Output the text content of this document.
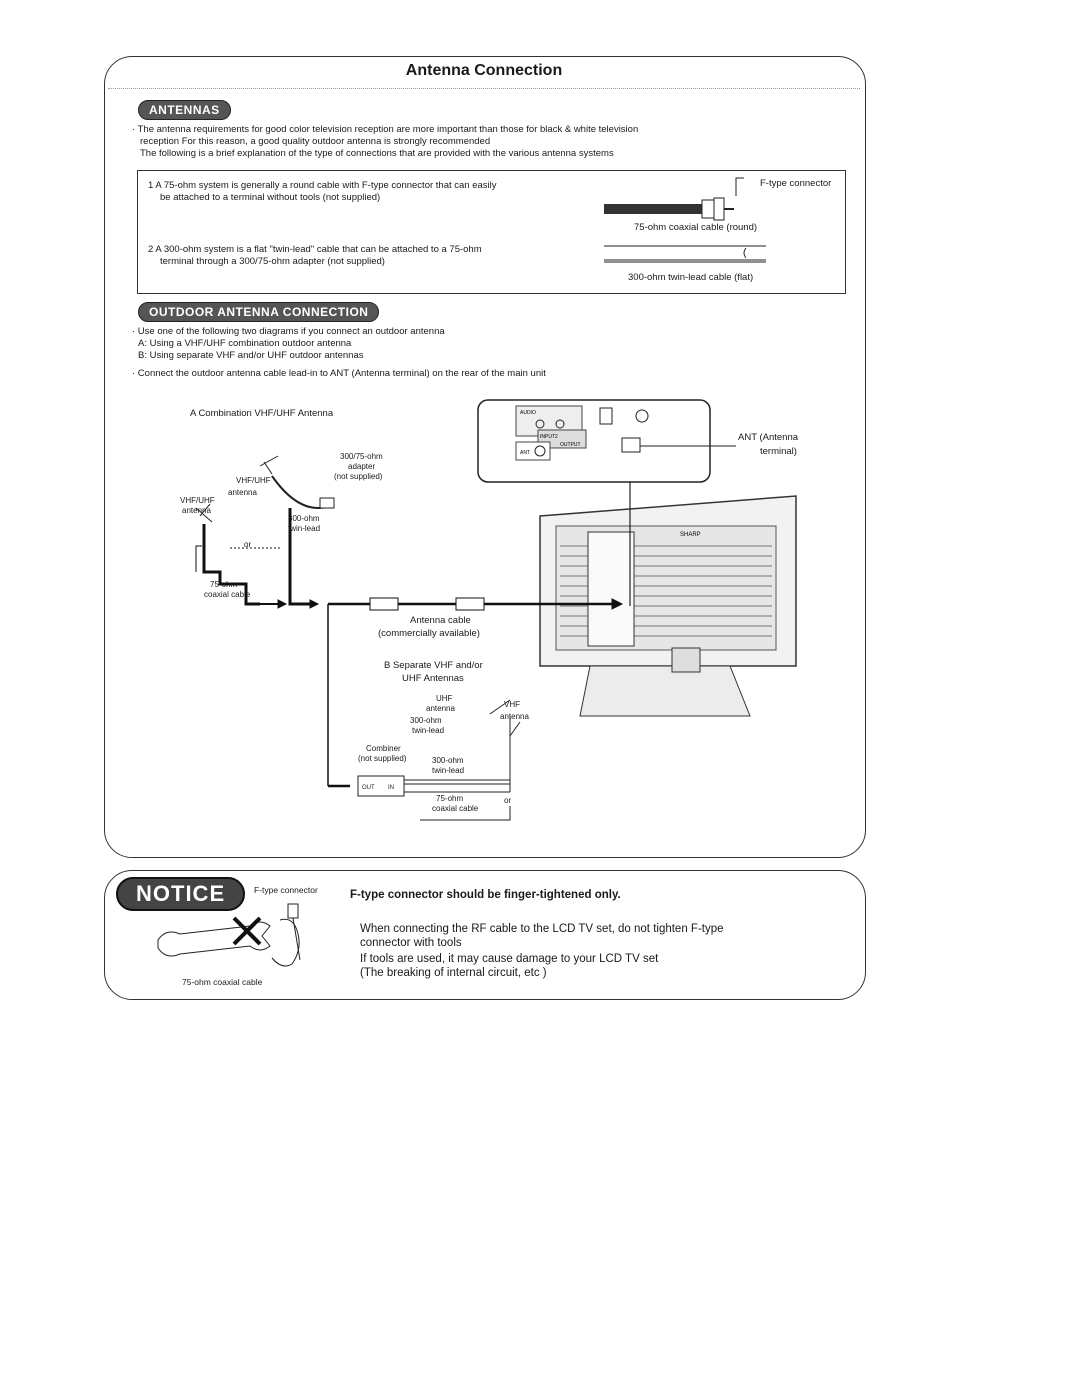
Antenna Connection
ANTENNAS
· The antenna requirements for good color television reception are more important than those for black & white television
reception For this reason, a good quality outdoor antenna is strongly recommended
The following is a brief explanation of the type of connections that are provided with the various antenna systems
1 A 75-ohm system is generally a round cable with F-type connector that can easily
be attached to a terminal without tools (not supplied)
2 A 300-ohm system is a flat "twin-lead" cable that can be attached to a 75-ohm
terminal through a 300/75-ohm adapter (not supplied)
F-type connector
75-ohm coaxial cable (round)
300-ohm twin-lead cable (flat)
OUTDOOR ANTENNA CONNECTION
· Use one of the following two diagrams if you connect an outdoor antenna
A: Using a VHF/UHF combination outdoor antenna
B: Using separate VHF and/or UHF outdoor antennas
· Connect the outdoor antenna cable lead-in to ANT (Antenna terminal) on the rear of the main unit
A Combination VHF/UHF Antenna
300/75-ohm
adapter
(not supplied)
VHF/UHF
antenna
VHF/UHF
antenna
300-ohm
twin-lead
or
75-ohm
coaxial cable
Antenna cable
(commercially available)
ANT (Antenna
terminal)
B Separate VHF and/or
UHF Antennas
UHF
antenna	VHF
antenna
300-ohm
twin-lead
Combiner
(not supplied)	300-ohm
twin-lead
75-ohm
coaxial cable
or
AUDIO
INPUT2
OUTPUT
ANT
SHARP
OUT IN
NOTICE	F-type connector
75-ohm coaxial cable
F-type connector should be finger-tightened only.
When connecting the RF cable to the LCD TV set, do not tighten F-type
connector with tools
If tools are used, it may cause damage to your LCD TV set
(The breaking of internal circuit, etc )
